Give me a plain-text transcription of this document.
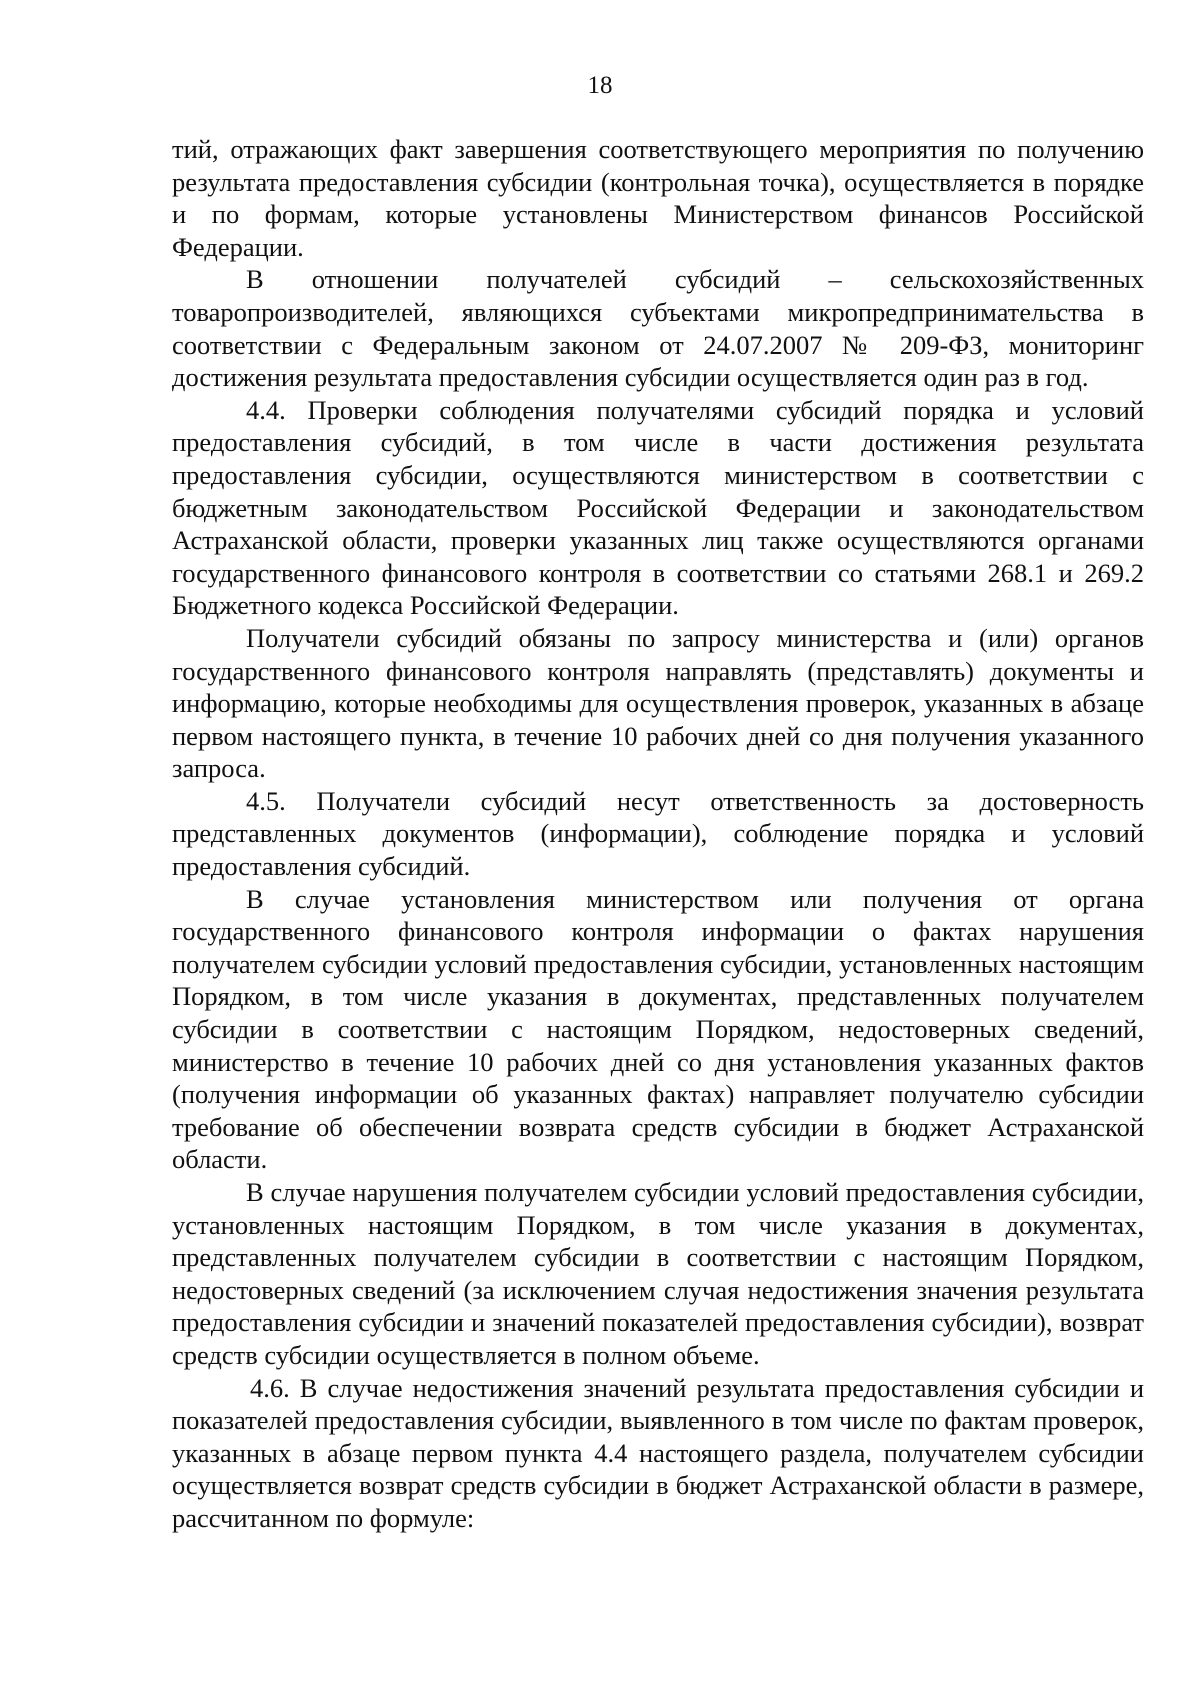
18

тий, отражающих факт завершения соответствующего мероприятия по получению результата предоставления субсидии (контрольная точка), осуществляется в порядке и по формам, которые установлены Министерством финансов Российской Федерации.

В отношении получателей субсидий – сельскохозяйственных товаропроизводителей, являющихся субъектами микропредпринимательства в соответствии с Федеральным законом от 24.07.2007 № 209-ФЗ, мониторинг достижения результата предоставления субсидии осуществляется один раз в год.

4.4. Проверки соблюдения получателями субсидий порядка и условий предоставления субсидий, в том числе в части достижения результата предоставления субсидии, осуществляются министерством в соответствии с бюджетным законодательством Российской Федерации и законодательством Астраханской области, проверки указанных лиц также осуществляются органами государственного финансового контроля в соответствии со статьями 268.1 и 269.2 Бюджетного кодекса Российской Федерации.

Получатели субсидий обязаны по запросу министерства и (или) органов государственного финансового контроля направлять (представлять) документы и информацию, которые необходимы для осуществления проверок, указанных в абзаце первом настоящего пункта, в течение 10 рабочих дней со дня получения указанного запроса.

4.5. Получатели субсидий несут ответственность за достоверность представленных документов (информации), соблюдение порядка и условий предоставления субсидий.

В случае установления министерством или получения от органа государственного финансового контроля информации о фактах нарушения получателем субсидии условий предоставления субсидии, установленных настоящим Порядком, в том числе указания в документах, представленных получателем субсидии в соответствии с настоящим Порядком, недостоверных сведений, министерство в течение 10 рабочих дней со дня установления указанных фактов (получения информации об указанных фактах) направляет получателю субсидии требование об обеспечении возврата средств субсидии в бюджет Астраханской области.

В случае нарушения получателем субсидии условий предоставления субсидии, установленных настоящим Порядком, в том числе указания в документах, представленных получателем субсидии в соответствии с настоящим Порядком, недостоверных сведений (за исключением случая недостижения значения результата предоставления субсидии и значений показателей предоставления субсидии), возврат средств субсидии осуществляется в полном объеме.

4.6. В случае недостижения значений результата предоставления субсидии и показателей предоставления субсидии, выявленного в том числе по фактам проверок, указанных в абзаце первом пункта 4.4 настоящего раздела, получателем субсидии осуществляется возврат средств субсидии в бюджет Астраханской области в размере, рассчитанном по формуле:
